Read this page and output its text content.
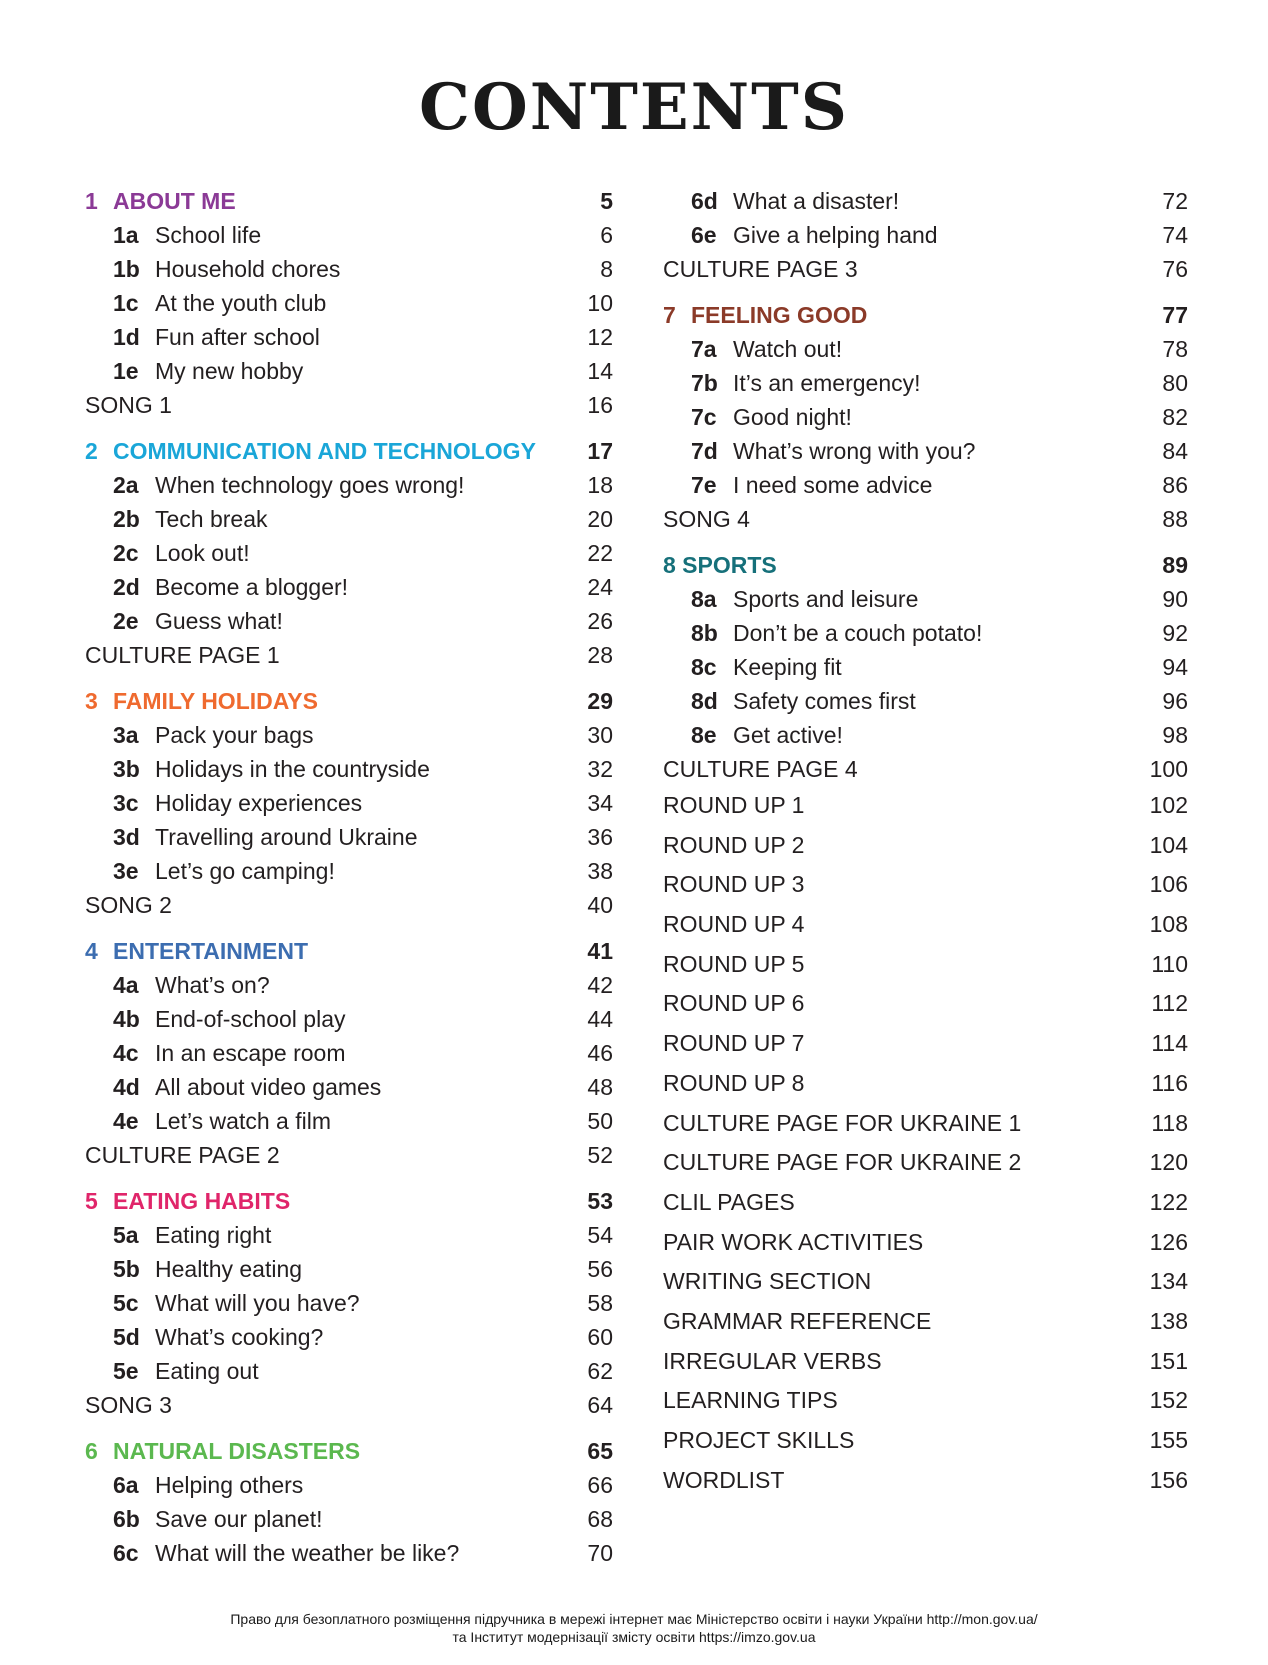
CONTENTS
1 ABOUT ME	5
1a School life	6
1b Household chores	8
1c At the youth club	10
1d Fun after school	12
1e My new hobby	14
SONG 1	16
2 COMMUNICATION AND TECHNOLOGY 17
2a When technology goes wrong!	18
2b Tech break	20
2c Look out!	22
2d Become a blogger!	24
2e Guess what!	26
CULTURE PAGE 1	28
3 FAMILY HOLIDAYS	29
3a Pack your bags	30
3b Holidays in the countryside	32
3c Holiday experiences	34
3d Travelling around Ukraine	36
3e Let’s go camping!	38
SONG 2	40
4 ENTERTAINMENT	41
4a What’s on?	42
4b End-of-school play	44
4c In an escape room	46
4d All about video games	48
4e Let’s watch a film	50
CULTURE PAGE 2	52
5 EATING HABITS	53
5a Eating right	54
5b Healthy eating	56
5c What will you have?	58
5d What’s cooking?	60
5e Eating out	62
SONG 3	64
6 NATURAL DISASTERS	65
6a Helping others	66
6b Save our planet!	68
6c What will the weather be like?	70
6d What a disaster!	72
6e Give a helping hand	74
CULTURE PAGE 3	76
7 FEELING GOOD	77
7a Watch out!	78
7b It’s an emergency!	80
7c Good night!	82
7d What’s wrong with you?	84
7e I need some advice	86
SONG 4	88
8 SPORTS	89
8a Sports and leisure	90
8b Don’t be a couch potato!	92
8c Keeping fit	94
8d Safety comes first	96
8e Get active!	98
CULTURE PAGE 4	100
ROUND UP 1	102
ROUND UP 2	104
ROUND UP 3	106
ROUND UP 4	108
ROUND UP 5	110
ROUND UP 6	112
ROUND UP 7	114
ROUND UP 8	116
CULTURE PAGE FOR UKRAINE 1	118
CULTURE PAGE FOR UKRAINE 2	120
CLIL PAGES	122
PAIR WORK ACTIVITIES	126
WRITING SECTION	134
GRAMMAR REFERENCE	138
IRREGULAR VERBS	151
LEARNING TIPS	152
PROJECT SKILLS	155
WORDLIST	156
Право для безоплатного розміщення підручника в мережі інтернет має Міністерство освіти і науки України http://mon.gov.ua/
та Інститут модернізації змісту освіти https://imzo.gov.ua
